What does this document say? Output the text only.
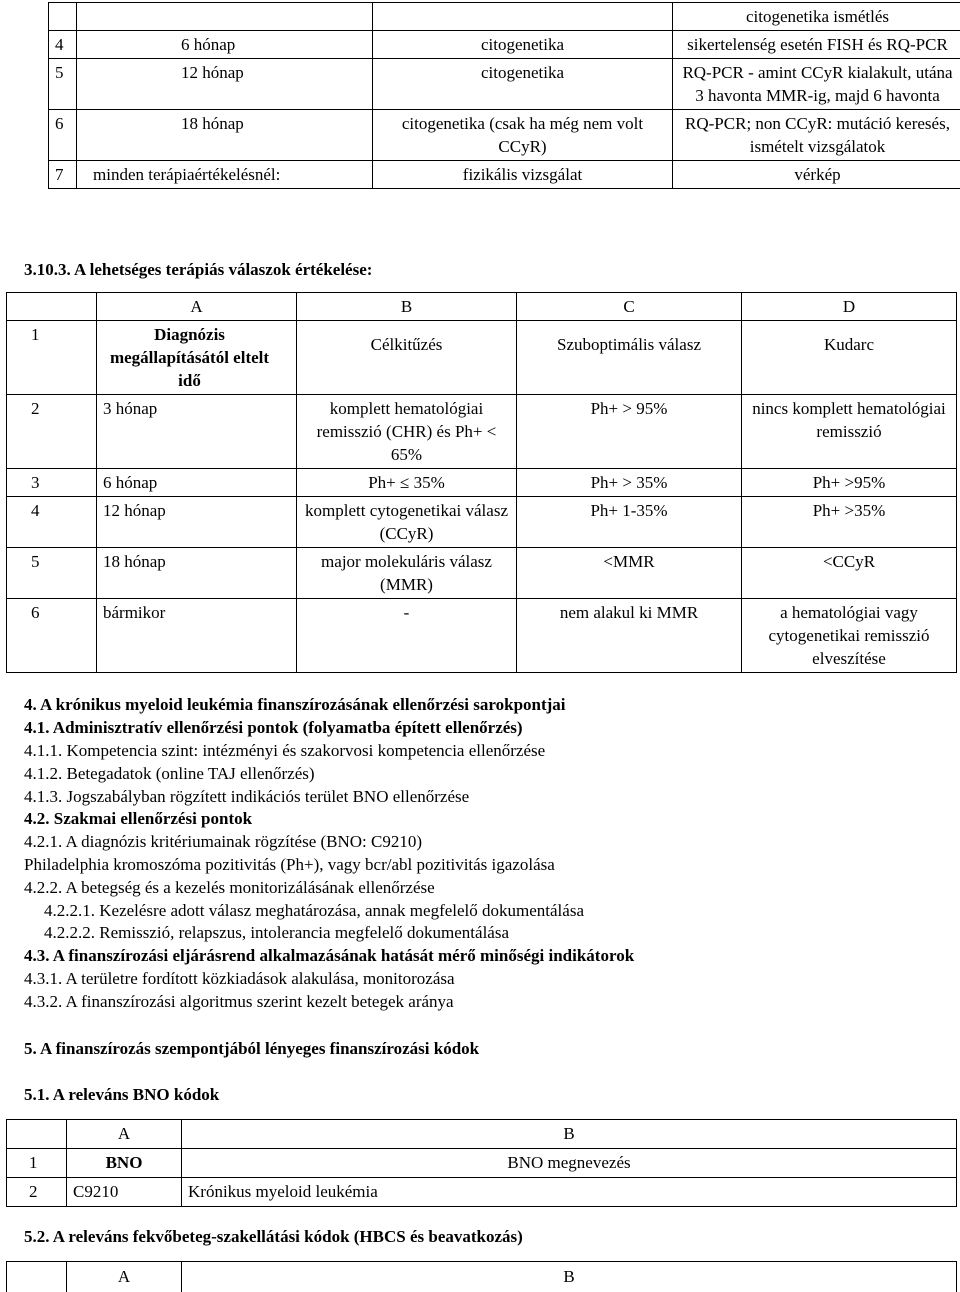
			citogenetika ismétlés
4	6 hónap	citogenetika	sikertelenség esetén FISH és RQ-PCR
5	12 hónap	citogenetika	RQ-PCR - amint CCyR kialakult, utána 3 havonta MMR-ig, majd 6 havonta
6	18 hónap	citogenetika (csak ha még nem volt CCyR)	RQ-PCR; non CCyR: mutáció keresés, ismételt vizsgálatok
7	minden terápiaértékelésnél:	fizikális vizsgálat	vérkép
3.10.3. A lehetséges terápiás válaszok értékelése:
	A	B	C	D
1	Diagnózis megállapításától eltelt idő	Célkitűzés	Szuboptimális válasz	Kudarc
2	3 hónap	komplett hematológiai remisszió (CHR) és Ph+ < 65%	Ph+ > 95%	nincs komplett hematológiai remisszió
3	6 hónap	Ph+ ≤ 35%	Ph+ > 35%	Ph+ >95%
4	12 hónap	komplett cytogenetikai válasz (CCyR)	Ph+ 1-35%	Ph+ >35%
5	18 hónap	major molekuláris válasz (MMR)	<MMR	<CCyR
6	bármikor	-	nem alakul ki MMR	a hematológiai vagy cytogenetikai remisszió elveszítése
4. A krónikus myeloid leukémia finanszírozásának ellenőrzési sarokpontjai
4.1. Adminisztratív ellenőrzési pontok (folyamatba épített ellenőrzés)
4.1.1. Kompetencia szint: intézményi és szakorvosi kompetencia ellenőrzése
4.1.2. Betegadatok (online TAJ ellenőrzés)
4.1.3. Jogszabályban rögzített indikációs terület BNO ellenőrzése
4.2. Szakmai ellenőrzési pontok
4.2.1. A diagnózis kritériumainak rögzítése (BNO: C9210)
Philadelphia kromoszóma pozitivitás (Ph+), vagy bcr/abl pozitivitás igazolása
4.2.2. A betegség és a kezelés monitorizálásának ellenőrzése
4.2.2.1. Kezelésre adott válasz meghatározása, annak megfelelő dokumentálása
4.2.2.2. Remisszió, relapszus, intolerancia megfelelő dokumentálása
4.3. A finanszírozási eljárásrend alkalmazásának hatását mérő minőségi indikátorok
4.3.1. A területre fordított közkiadások alakulása, monitorozása
4.3.2. A finanszírozási algoritmus szerint kezelt betegek aránya
5. A finanszírozás szempontjából lényeges finanszírozási kódok
5.1. A releváns BNO kódok
	A	B
1	BNO	BNO megnevezés
2	C9210	Krónikus myeloid leukémia
5.2. A releváns fekvőbeteg-szakellátási kódok (HBCS és beavatkozás)
	A	B
